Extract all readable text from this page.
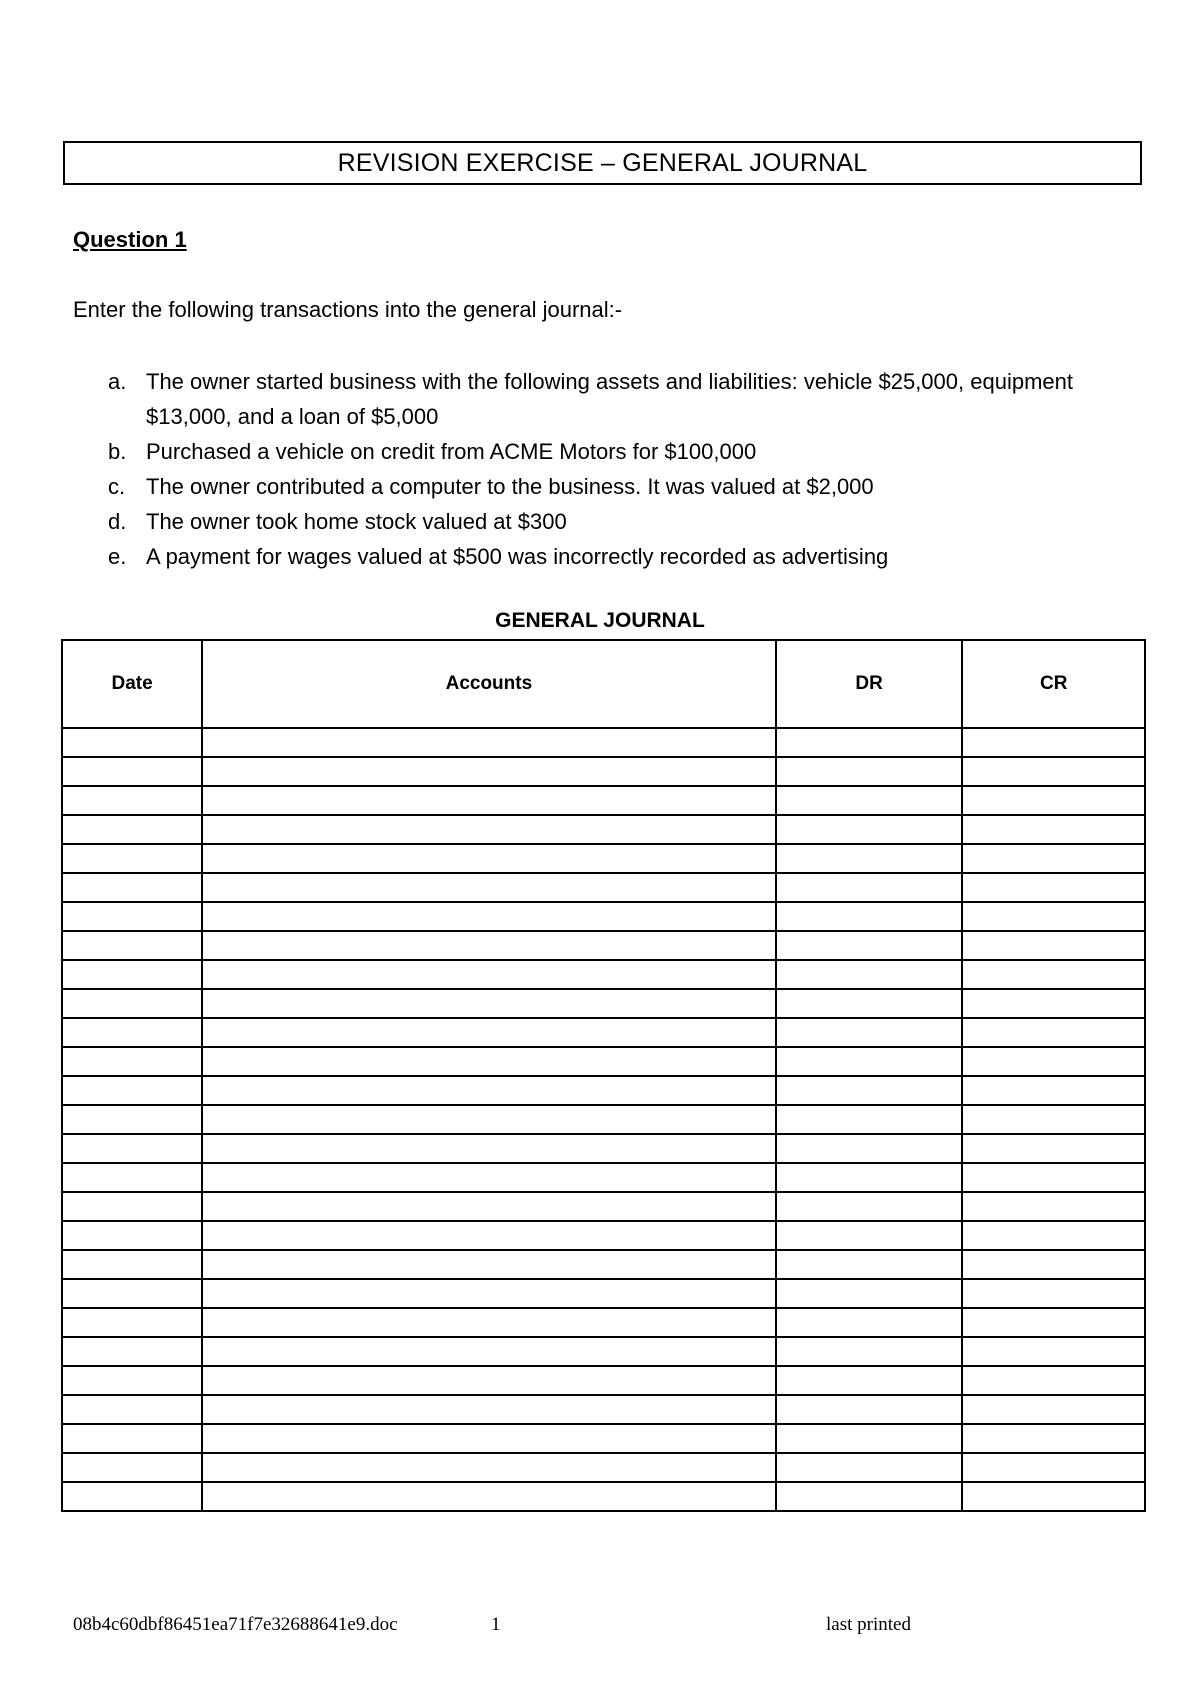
REVISION EXERCISE – GENERAL JOURNAL
Question 1
Enter the following transactions into the general journal:-
a. The owner started business with the following assets and liabilities: vehicle $25,000, equipment $13,000, and a loan of $5,000
b. Purchased a vehicle on credit from ACME Motors for $100,000
c. The owner contributed a computer to the business. It was valued at $2,000
d. The owner took home stock valued at $300
e. A payment for wages valued at $500 was incorrectly recorded as advertising
GENERAL JOURNAL
Date	Accounts	DR	CR

08b4c60dbf86451ea71f7e32688641e9.doc	1	last printed
